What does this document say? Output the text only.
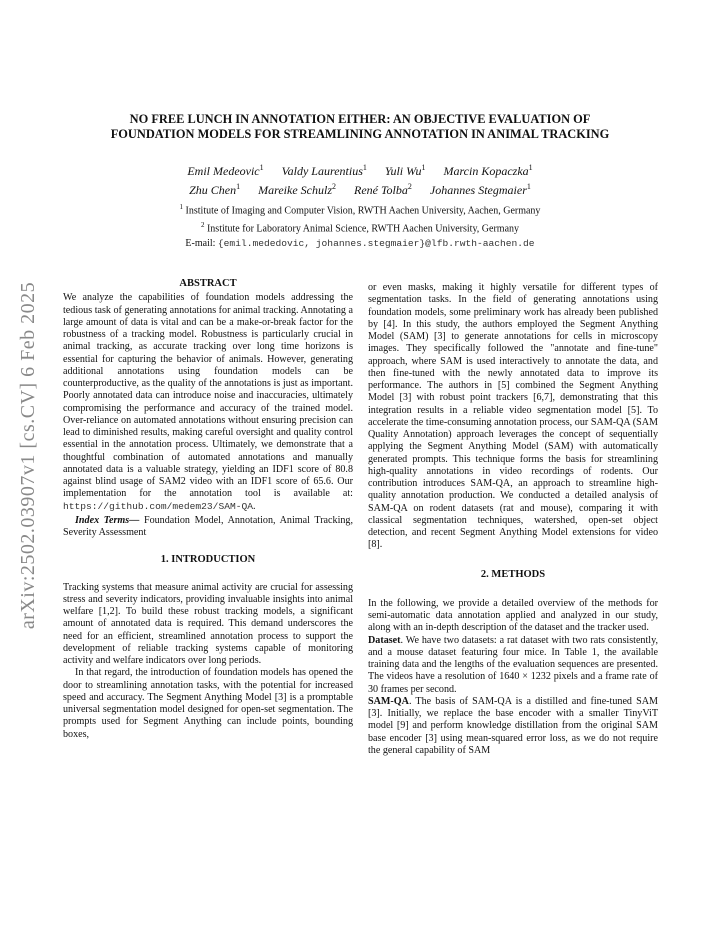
arXiv:2502.03907v1 [cs.CV] 6 Feb 2025
NO FREE LUNCH IN ANNOTATION EITHER: AN OBJECTIVE EVALUATION OF
FOUNDATION MODELS FOR STREAMLINING ANNOTATION IN ANIMAL TRACKING
Emil Medeovic$^1$ Valdy Laurentius$^1$ Yuli Wu$^1$ Marcin Kopaczka$^1$
Zhu Chen$^1$ Mareike Schulz$^2$ René Tolba$^2$ Johannes Stegmaier$^1$
$^1$ Institute of Imaging and Computer Vision, RWTH Aachen University, Aachen, Germany
$^2$ Institute for Laboratory Animal Science, RWTH Aachen University, Germany
E-mail: {emil.mededovic, johannes.stegmaier}@lfb.rwth-aachen.de
ABSTRACT

We analyze the capabilities of foundation models addressing the tedious task of generating annotations for animal tracking. Annotating a large amount of data is vital and can be a make-or-break factor for the robustness of a tracking model. Robustness is particularly crucial in animal tracking, as accurate tracking over long time horizons is essential for capturing the behavior of animals. However, generating additional annotations using foundation models can be counterproductive, as the quality of the annotations is just as important. Poorly annotated data can introduce noise and inaccuracies, ultimately compromising the performance and accuracy of the trained model. Over-reliance on automated annotations without ensuring precision can lead to diminished results, making careful oversight and quality control essential in the annotation process. Ultimately, we demonstrate that a thoughtful combination of automated annotations and manually annotated data is a valuable strategy, yielding an IDF1 score of 80.8 against blind usage of SAM2 video with an IDF1 score of 65.6. Our implementation for the annotation tool is available at: https://github.com/medem23/SAM-QA.

Index Terms— Foundation Model, Annotation, Animal Tracking, Severity Assessment

1. INTRODUCTION

Tracking systems that measure animal activity are crucial for assessing stress and severity indicators, providing invaluable insights into animal welfare [1,2]. To build these robust tracking models, a significant amount of annotated data is required. This demand underscores the need for an efficient, streamlined annotation process to support the development of reliable tracking systems capable of monitoring activity and welfare indicators over long periods.

In that regard, the introduction of foundation models has opened the door to streamlining annotation tasks, with the potential for increased speed and accuracy. The Segment Anything Model [3] is a promptable universal segmentation model designed for open-set segmentation. The prompts used for Segment Anything can include points, bounding boxes,

or even masks, making it highly versatile for different types of segmentation tasks. In the field of generating annotations using foundation models, some preliminary work has already been published by [4]. In this study, the authors employed the Segment Anything Model (SAM) [3] to generate annotations for cells in microscopy images. They specifically followed the "annotate and fine-tune" approach, where SAM is used interactively to annotate the data, and then fine-tuned with the newly annotated data to improve its performance. The authors in [5] combined the Segment Anything Model [3] with robust point trackers [6,7], demonstrating that this integration results in a reliable video segmentation model [5]. To accelerate the time-consuming annotation process, our SAM-QA (SAM Quality Annotation) approach leverages the concept of sequentially applying the Segment Anything Model (SAM) with automatically generated prompts. This technique forms the basis for streamlining high-quality annotations in video recordings of rodents. Our contribution introduces SAM-QA, an approach to streamline high-quality annotation production. We conducted a detailed analysis of SAM-QA on rodent datasets (rat and mouse), comparing it with classical segmentation techniques, watershed, open-set object detection, and recent Segment Anything Model extensions for video [8].

2. METHODS

In the following, we provide a detailed overview of the methods for semi-automatic data annotation applied and analyzed in our study, along with an in-depth description of the dataset and the tracker used.

Dataset. We have two datasets: a rat dataset with two rats consistently, and a mouse dataset featuring four mice. In Table 1, the available training data and the lengths of the evaluation sequences are presented. The videos have a resolution of 1640 × 1232 pixels and a frame rate of 30 frames per second.

SAM-QA. The basis of SAM-QA is a distilled and fine-tuned SAM [3]. Initially, we replace the base encoder with a smaller TinyViT model [9] and perform knowledge distillation from the original SAM base encoder [3] using mean-squared error loss, as we do not require the general capability of SAM
